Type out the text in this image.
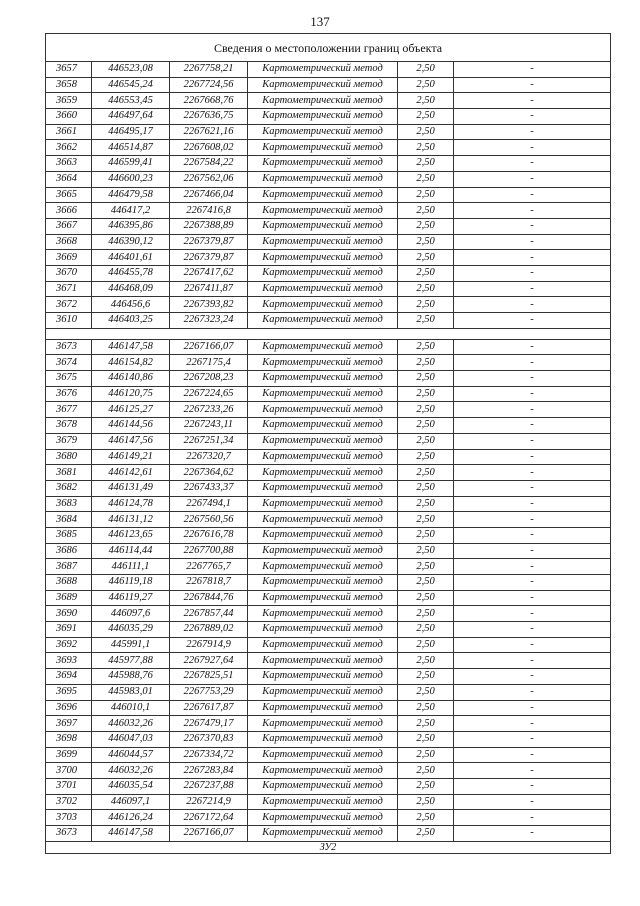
137
Сведения о местоположении границ объекта					
3657	446523,08	2267758,21	Картометрический метод	2,50	-
3658	446545,24	2267724,56	Картометрический метод	2,50	-
3659	446553,45	2267668,76	Картометрический метод	2,50	-
3660	446497,64	2267636,75	Картометрический метод	2,50	-
3661	446495,17	2267621,16	Картометрический метод	2,50	-
3662	446514,87	2267608,02	Картометрический метод	2,50	-
3663	446599,41	2267584,22	Картометрический метод	2,50	-
3664	446600,23	2267562,06	Картометрический метод	2,50	-
3665	446479,58	2267466,04	Картометрический метод	2,50	-
3666	446417,2	2267416,8	Картометрический метод	2,50	-
3667	446395,86	2267388,89	Картометрический метод	2,50	-
3668	446390,12	2267379,87	Картометрический метод	2,50	-
3669	446401,61	2267379,87	Картометрический метод	2,50	-
3670	446455,78	2267417,62	Картометрический метод	2,50	-
3671	446468,09	2267411,87	Картометрический метод	2,50	-
3672	446456,6	2267393,82	Картометрический метод	2,50	-
3610	446403,25	2267323,24	Картометрический метод	2,50	-

3673	446147,58	2267166,07	Картометрический метод	2,50	-
3674	446154,82	2267175,4	Картометрический метод	2,50	-
3675	446140,86	2267208,23	Картометрический метод	2,50	-
3676	446120,75	2267224,65	Картометрический метод	2,50	-
3677	446125,27	2267233,26	Картометрический метод	2,50	-
3678	446144,56	2267243,11	Картометрический метод	2,50	-
3679	446147,56	2267251,34	Картометрический метод	2,50	-
3680	446149,21	2267320,7	Картометрический метод	2,50	-
3681	446142,61	2267364,62	Картометрический метод	2,50	-
3682	446131,49	2267433,37	Картометрический метод	2,50	-
3683	446124,78	2267494,1	Картометрический метод	2,50	-
3684	446131,12	2267560,56	Картометрический метод	2,50	-
3685	446123,65	2267616,78	Картометрический метод	2,50	-
3686	446114,44	2267700,88	Картометрический метод	2,50	-
3687	446111,1	2267765,7	Картометрический метод	2,50	-
3688	446119,18	2267818,7	Картометрический метод	2,50	-
3689	446119,27	2267844,76	Картометрический метод	2,50	-
3690	446097,6	2267857,44	Картометрический метод	2,50	-
3691	446035,29	2267889,02	Картометрический метод	2,50	-
3692	445991,1	2267914,9	Картометрический метод	2,50	-
3693	445977,88	2267927,64	Картометрический метод	2,50	-
3694	445988,76	2267825,51	Картометрический метод	2,50	-
3695	445983,01	2267753,29	Картометрический метод	2,50	-
3696	446010,1	2267617,87	Картометрический метод	2,50	-
3697	446032,26	2267479,17	Картометрический метод	2,50	-
3698	446047,03	2267370,83	Картометрический метод	2,50	-
3699	446044,57	2267334,72	Картометрический метод	2,50	-
3700	446032,26	2267283,84	Картометрический метод	2,50	-
3701	446035,54	2267237,88	Картометрический метод	2,50	-
3702	446097,1	2267214,9	Картометрический метод	2,50	-
3703	446126,24	2267172,64	Картометрический метод	2,50	-
3673	446147,58	2267166,07	Картометрический метод	2,50	-
ЗУ2					
